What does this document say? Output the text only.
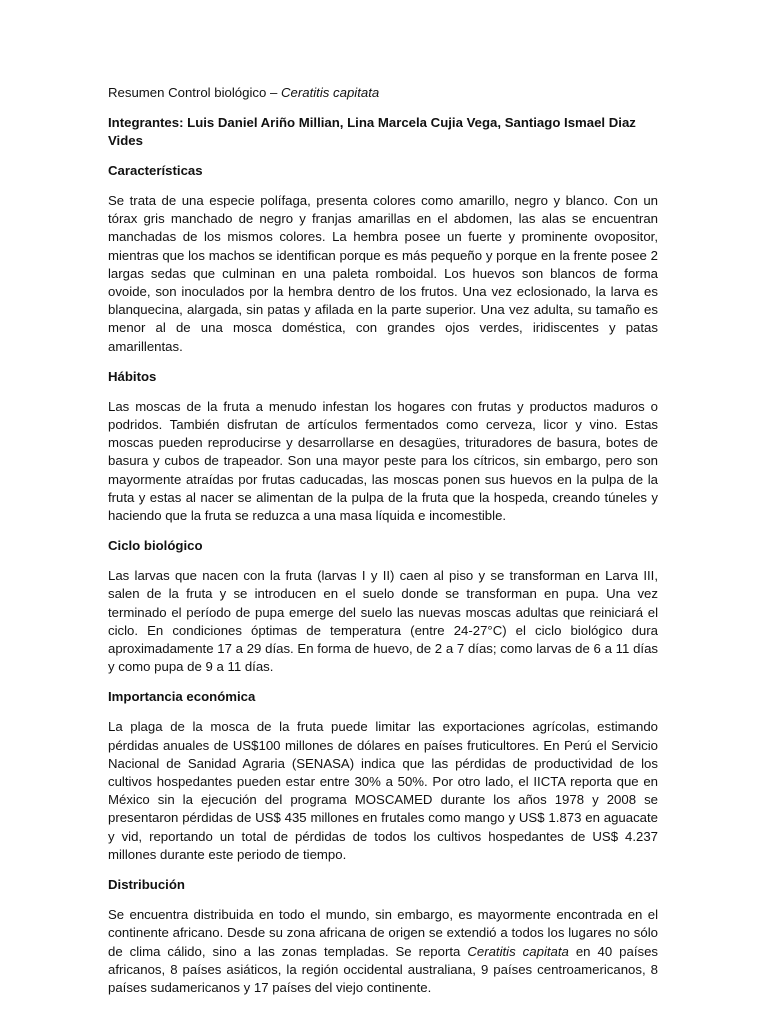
Resumen Control biológico – Ceratitis capitata

Integrantes: Luis Daniel Ariño Millian, Lina Marcela Cujia Vega, Santiago Ismael Diaz Vides

Características

Se trata de una especie polífaga, presenta colores como amarillo, negro y blanco. Con un tórax gris manchado de negro y franjas amarillas en el abdomen, las alas se encuentran manchadas de los mismos colores. La hembra posee un fuerte y prominente ovopositor, mientras que los machos se identifican porque es más pequeño y porque en la frente posee 2 largas sedas que culminan en una paleta romboidal. Los huevos son blancos de forma ovoide, son inoculados por la hembra dentro de los frutos. Una vez eclosionado, la larva es blanquecina, alargada, sin patas y afilada en la parte superior. Una vez adulta, su tamaño es menor al de una mosca doméstica, con grandes ojos verdes, iridiscentes y patas amarillentas.

Hábitos

Las moscas de la fruta a menudo infestan los hogares con frutas y productos maduros o podridos. También disfrutan de artículos fermentados como cerveza, licor y vino. Estas moscas pueden reproducirse y desarrollarse en desagües, trituradores de basura, botes de basura y cubos de trapeador. Son una mayor peste para los cítricos, sin embargo, pero son mayormente atraídas por frutas caducadas, las moscas ponen sus huevos en la pulpa de la fruta y estas al nacer se alimentan de la pulpa de la fruta que la hospeda, creando túneles y haciendo que la fruta se reduzca a una masa líquida e incomestible.

Ciclo biológico

Las larvas que nacen con la fruta (larvas I y II) caen al piso y se transforman en Larva III, salen de la fruta y se introducen en el suelo donde se transforman en pupa. Una vez terminado el período de pupa emerge del suelo las nuevas moscas adultas que reiniciará el ciclo. En condiciones óptimas de temperatura (entre 24-27°C) el ciclo biológico dura aproximadamente 17 a 29 días. En forma de huevo, de 2 a 7 días; como larvas de 6 a 11 días y como pupa de 9 a 11 días.

Importancia económica

La plaga de la mosca de la fruta puede limitar las exportaciones agrícolas, estimando pérdidas anuales de US$100 millones de dólares en países fruticultores. En Perú el Servicio Nacional de Sanidad Agraria (SENASA) indica que las pérdidas de productividad de los cultivos hospedantes pueden estar entre 30% a 50%. Por otro lado, el IICTA reporta que en México sin la ejecución del programa MOSCAMED durante los años 1978 y 2008 se presentaron pérdidas de US$ 435 millones en frutales como mango y US$ 1.873 en aguacate y vid, reportando un total de pérdidas de todos los cultivos hospedantes de US$ 4.237 millones durante este periodo de tiempo.

Distribución

Se encuentra distribuida en todo el mundo, sin embargo, es mayormente encontrada en el continente africano. Desde su zona africana de origen se extendió a todos los lugares no sólo de clima cálido, sino a las zonas templadas. Se reporta Ceratitis capitata en 40 países africanos, 8 países asiáticos, la región occidental australiana, 9 países centroamericanos, 8 países sudamericanos y 17 países del viejo continente.
